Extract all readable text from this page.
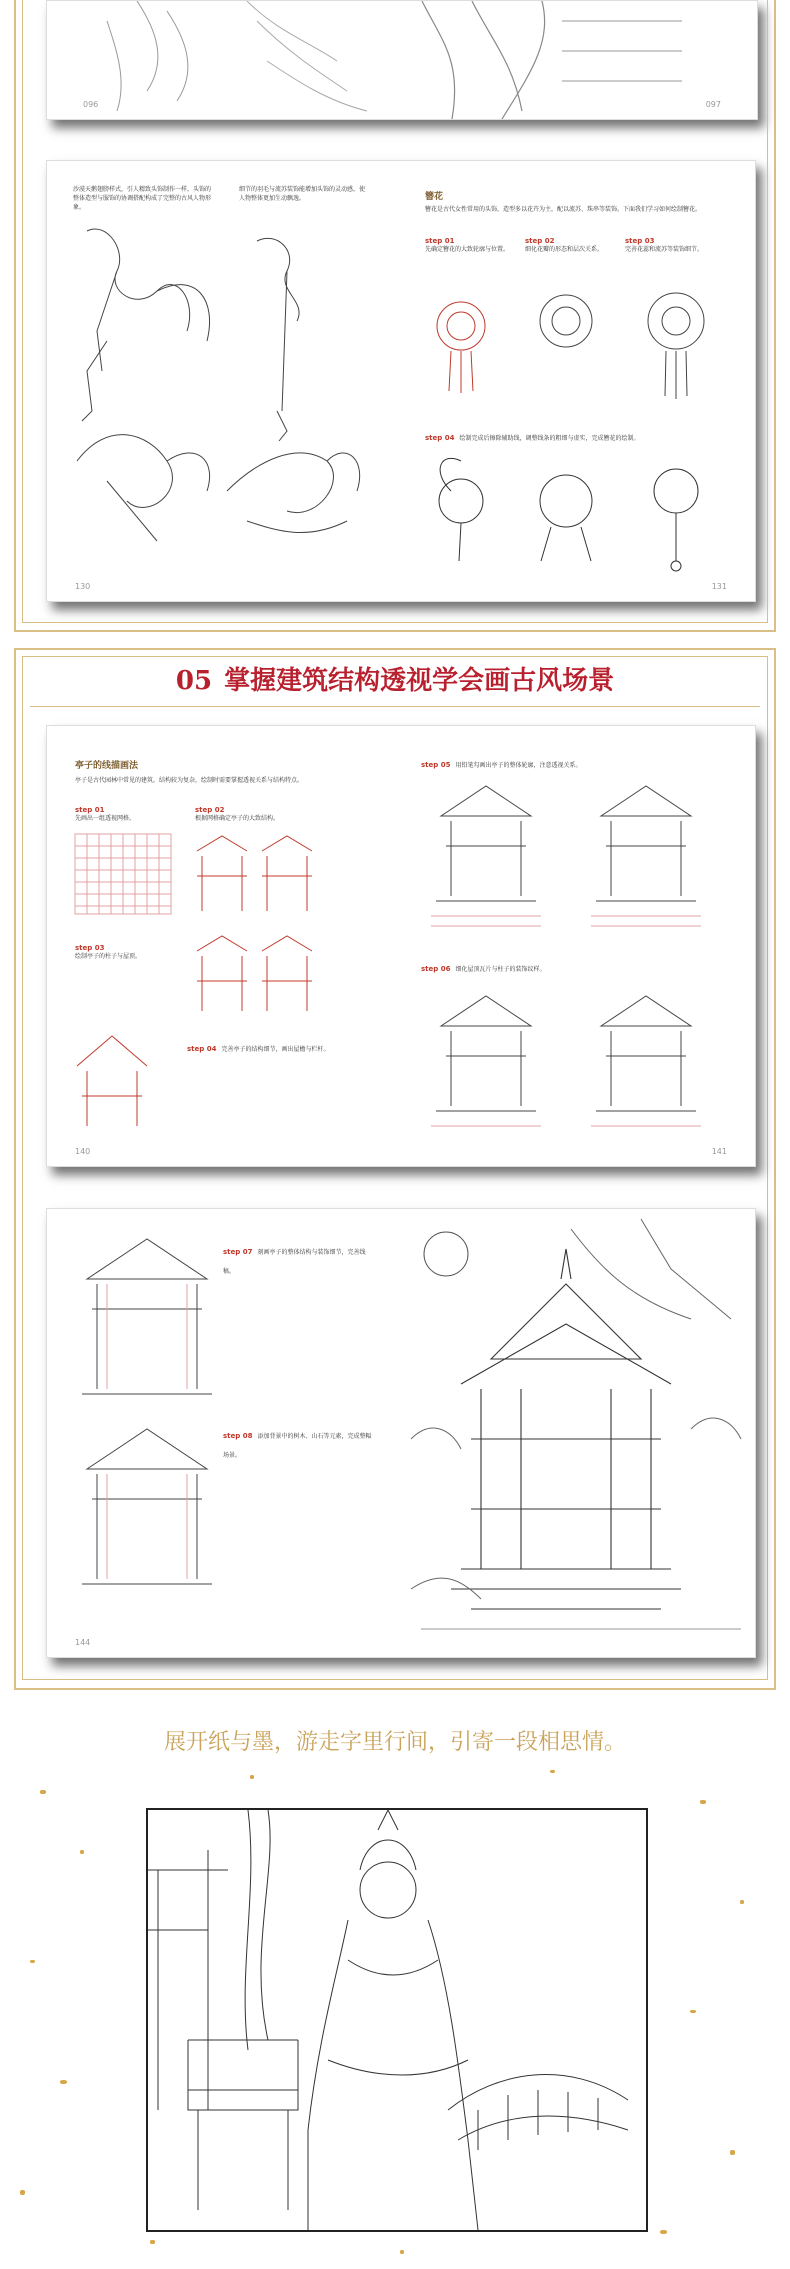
096	097
沙漠天鹅翅膀样式，引人精致头饰制作一样，头饰的整体造型与服饰的协调搭配构成了完整的古风人物形象。
细节的羽毛与流苏装饰能增加头饰的灵动感，使人物整体更加生动飘逸。
130
簪花
簪花是古代女性常用的头饰，造型多以花卉为主，配以流苏、珠串等装饰。下面我们学习如何绘制簪花。
step 01
先确定簪花的大致轮廓与位置。
step 02
细化花瓣的形态和层次关系。
step 03
完善花蕊和流苏等装饰细节。
step 04 绘制完成后擦除辅助线，调整线条的粗细与虚实，完成簪花的绘制。
131
05 掌握建筑结构透视学会画古风场景
亭子的线描画法
亭子是古代园林中常见的建筑，结构较为复杂，绘制时需要掌握透视关系与结构特点。
step 01
先画出一组透视网格。
step 02
根据网格确定亭子的大致结构。
step 03
绘制亭子的柱子与屋顶。
step 04 完善亭子的结构细节，画出屋檐与栏杆。
140
step 05 用铅笔勾画出亭子的整体轮廓，注意透视关系。
step 06 细化屋顶瓦片与柱子的装饰纹样。
141
step 07 刻画亭子的整体结构与装饰细节，完善线稿。
step 08 添加背景中的树木、山石等元素，完成整幅场景。
144
展开纸与墨，游走字里行间，引寄一段相思情。
